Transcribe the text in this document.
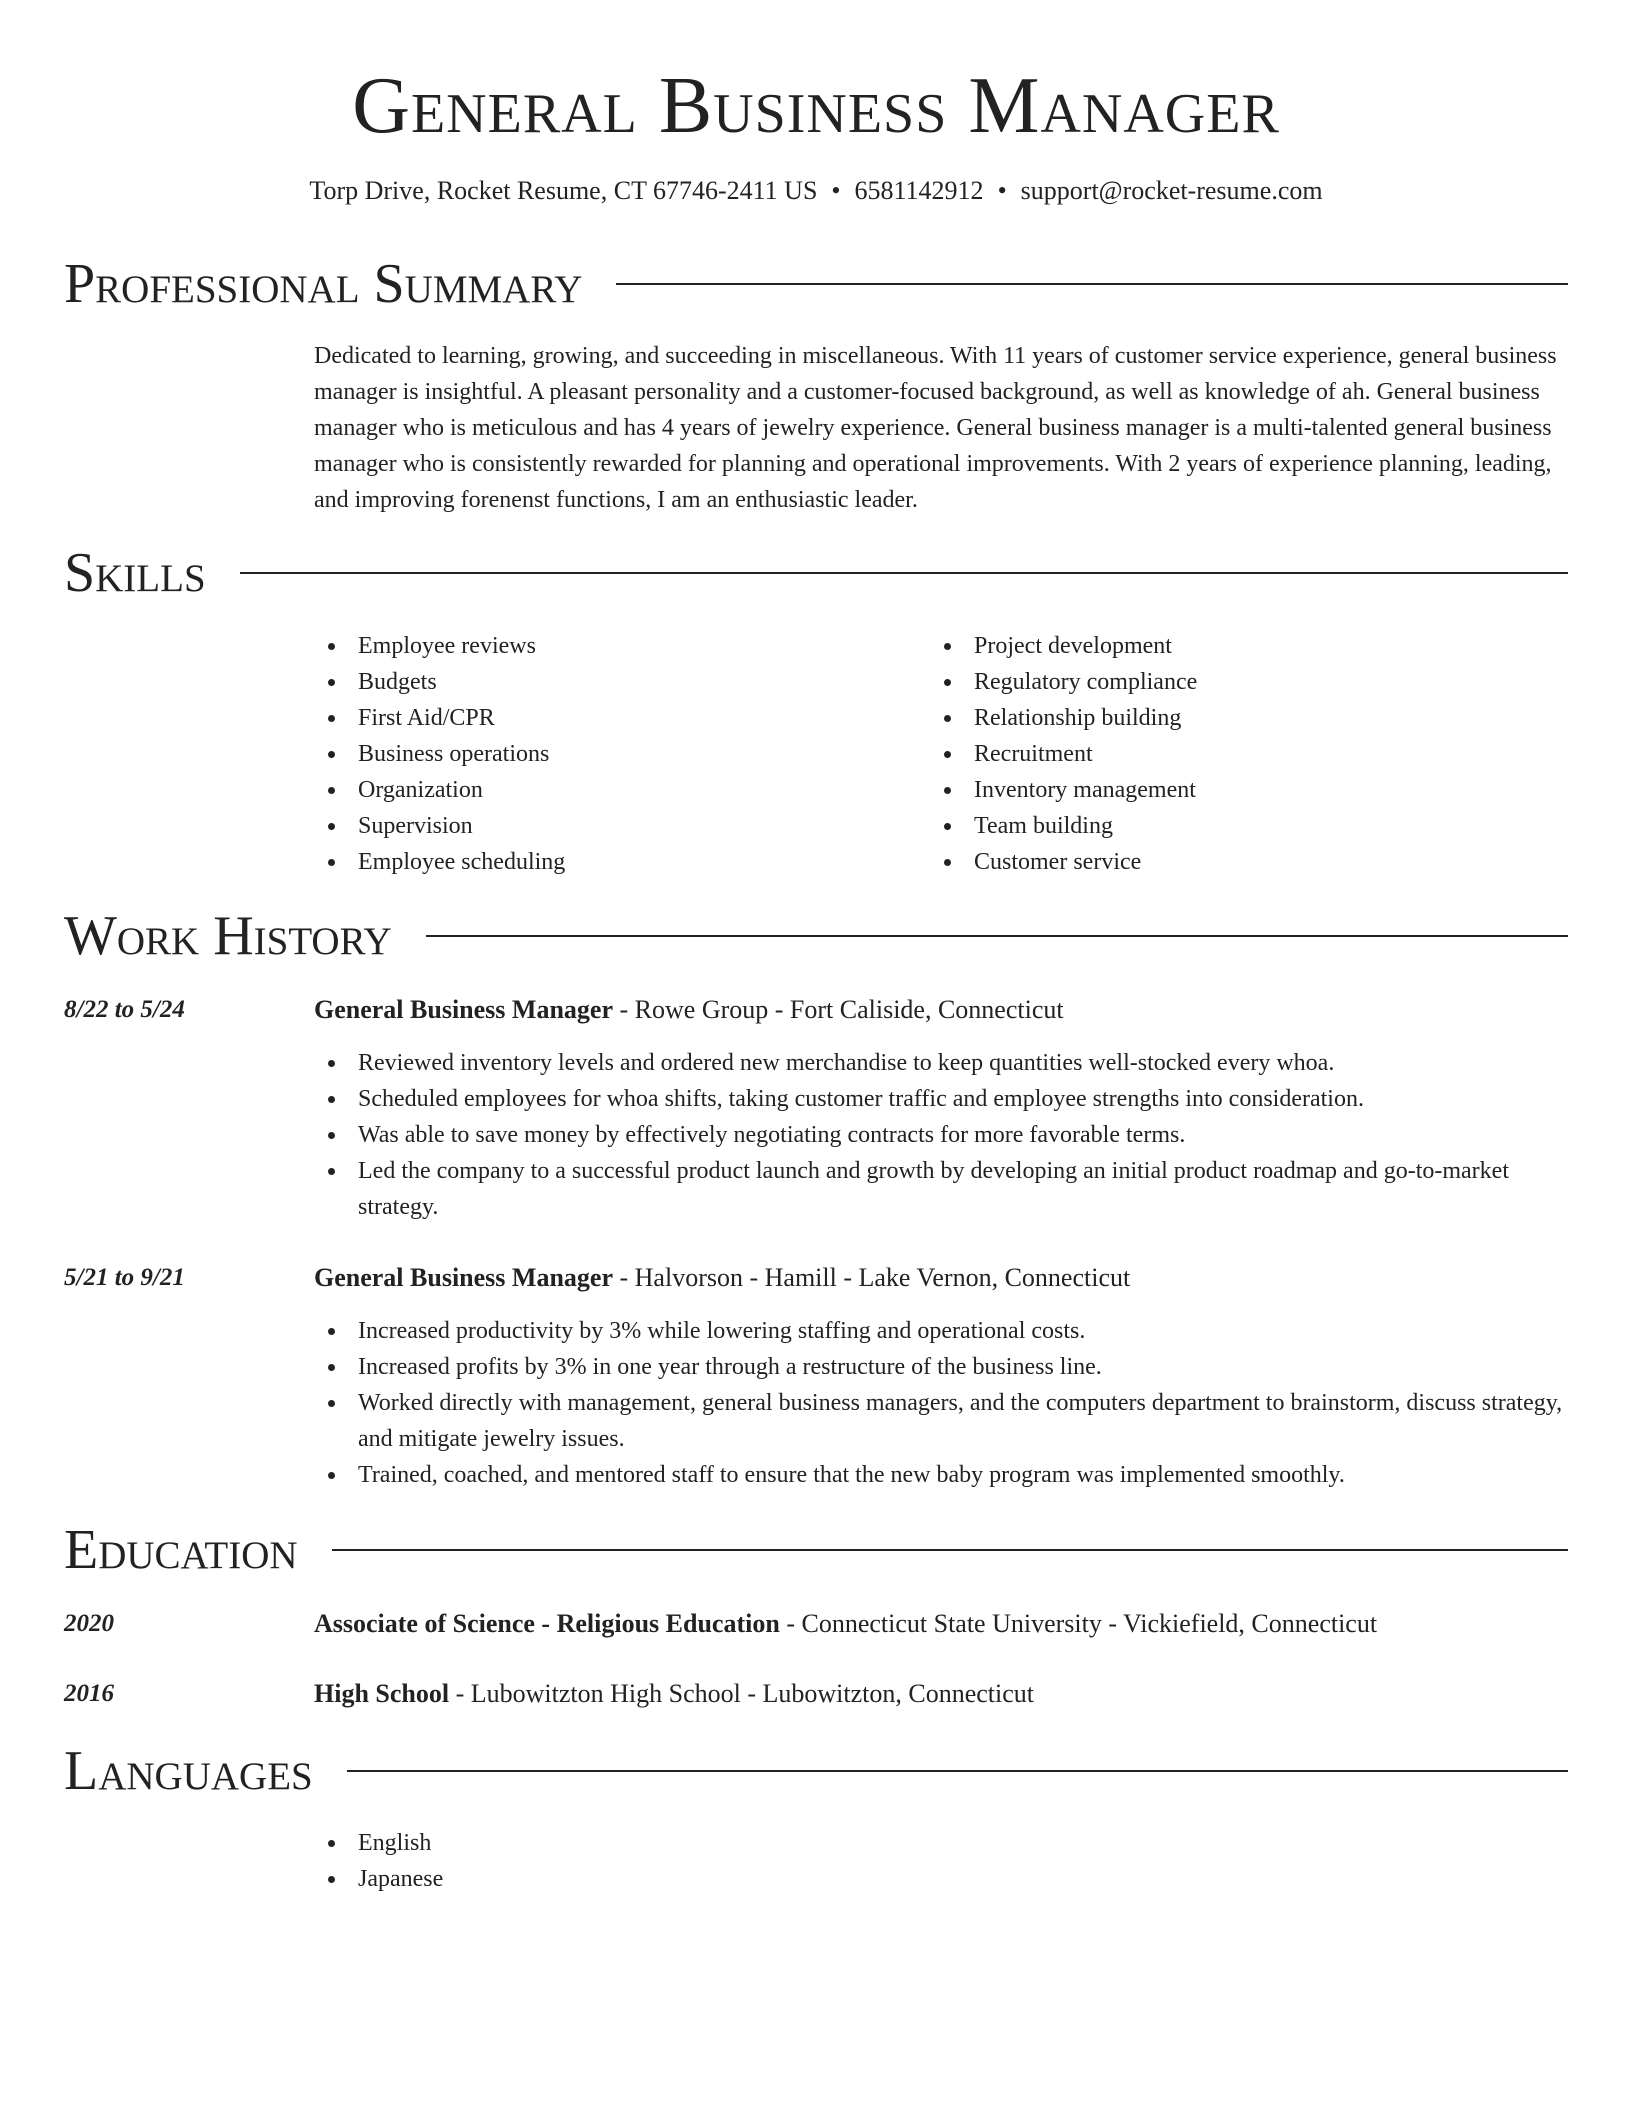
General Business Manager
Torp Drive, Rocket Resume, CT 67746-2411 US • 6581142912 • support@rocket-resume.com
Professional Summary

Dedicated to learning, growing, and succeeding in miscellaneous. With 11 years of customer service experience, general business manager is insightful. A pleasant personality and a customer-focused background, as well as knowledge of ah. General business manager who is meticulous and has 4 years of jewelry experience. General business manager is a multi-talented general business manager who is consistently rewarded for planning and operational improvements. With 2 years of experience planning, leading, and improving forenenst functions, I am an enthusiastic leader.

Skills
Employee reviews
Budgets
First Aid/CPR
Business operations
Organization
Supervision
Employee scheduling
Project development
Regulatory compliance
Relationship building
Recruitment
Inventory management
Team building
Customer service
Work History
8/22 to 5/24	General Business Manager - Rowe Group - Fort Caliside, Connecticut
Reviewed inventory levels and ordered new merchandise to keep quantities well-stocked every whoa.
Scheduled employees for whoa shifts, taking customer traffic and employee strengths into consideration.
Was able to save money by effectively negotiating contracts for more favorable terms.
Led the company to a successful product launch and growth by developing an initial product roadmap and go-to-market strategy.
5/21 to 9/21	General Business Manager - Halvorson - Hamill - Lake Vernon, Connecticut
Increased productivity by 3% while lowering staffing and operational costs.
Increased profits by 3% in one year through a restructure of the business line.
Worked directly with management, general business managers, and the computers department to brainstorm, discuss strategy, and mitigate jewelry issues.
Trained, coached, and mentored staff to ensure that the new baby program was implemented smoothly.
Education
2020	Associate of Science - Religious Education - Connecticut State University - Vickiefield, Connecticut
2016	High School - Lubowitzton High School - Lubowitzton, Connecticut
Languages
English
Japanese
